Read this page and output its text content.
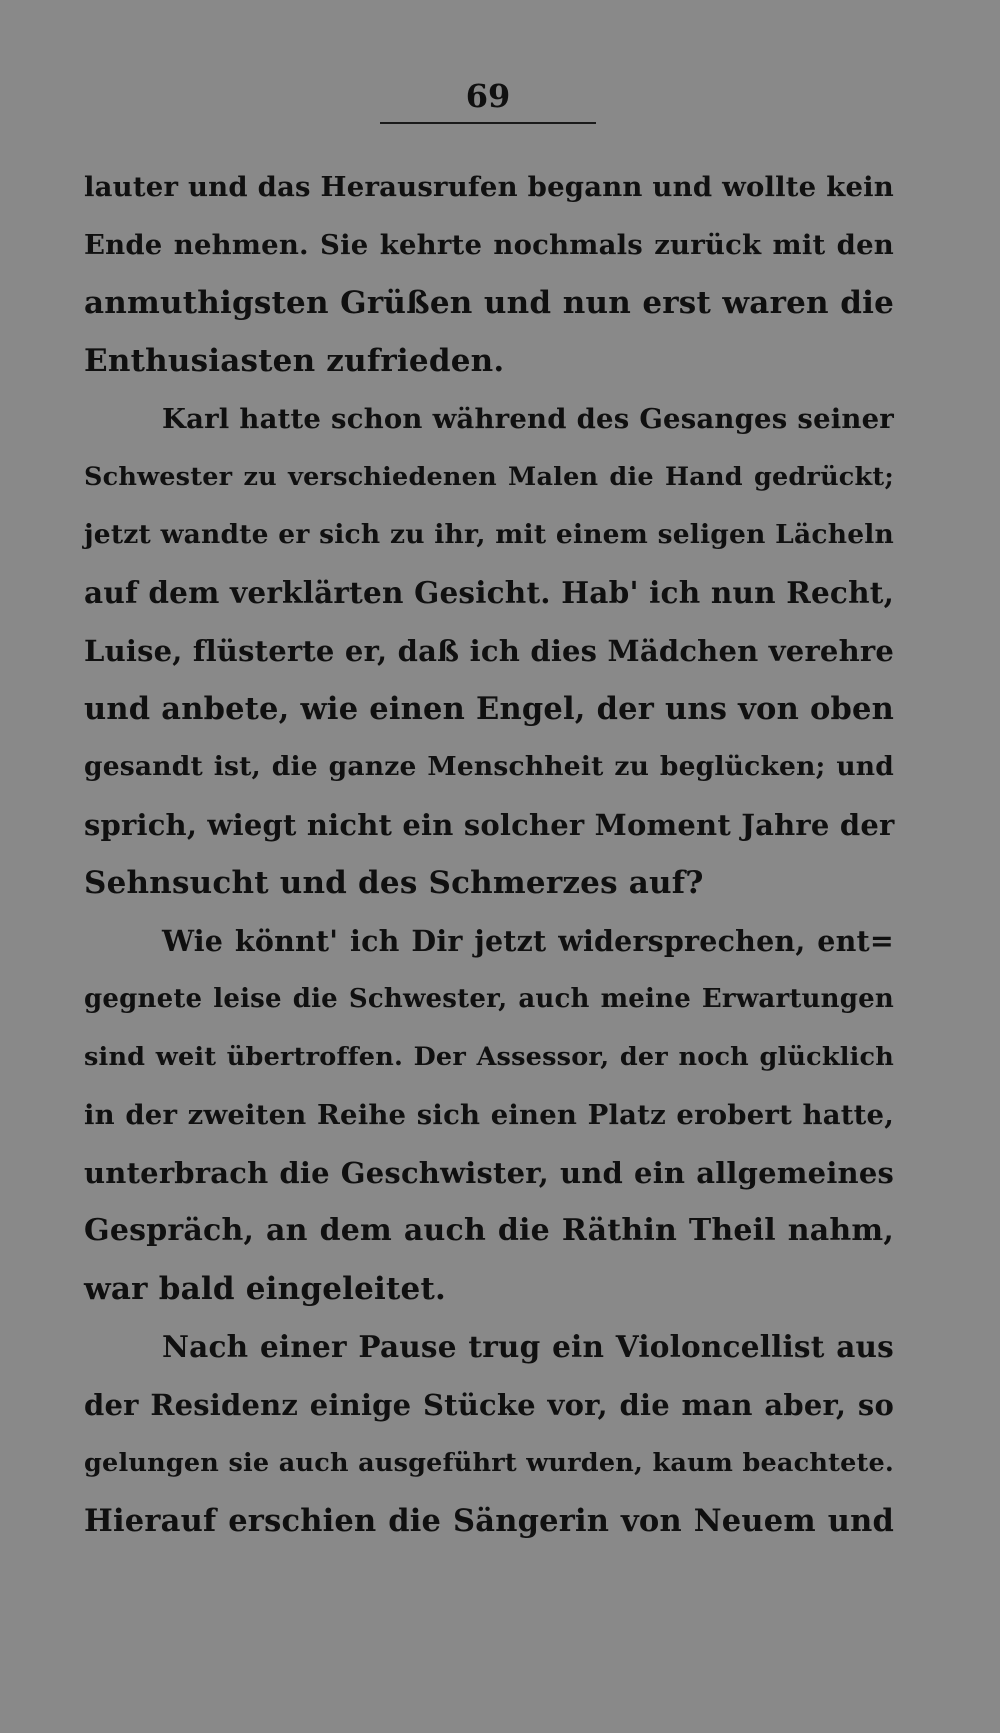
69
lauter und das Herausrufen begann und wollte kein
Ende nehmen. Sie kehrte nochmals zurück mit den
anmuthigsten Grüßen und nun erst waren die
Enthusiasten zufrieden.
Karl hatte schon während des Gesanges seiner
Schwester zu verschiedenen Malen die Hand gedrückt;
jetzt wandte er sich zu ihr, mit einem seligen Lächeln
auf dem verklärten Gesicht. Hab' ich nun Recht,
Luise, flüsterte er, daß ich dies Mädchen verehre
und anbete, wie einen Engel, der uns von oben
gesandt ist, die ganze Menschheit zu beglücken; und
sprich, wiegt nicht ein solcher Moment Jahre der
Sehnsucht und des Schmerzes auf?
Wie könnt' ich Dir jetzt widersprechen, ent=
gegnete leise die Schwester, auch meine Erwartungen
sind weit übertroffen. Der Assessor, der noch glücklich
in der zweiten Reihe sich einen Platz erobert hatte,
unterbrach die Geschwister, und ein allgemeines
Gespräch, an dem auch die Räthin Theil nahm,
war bald eingeleitet.
Nach einer Pause trug ein Violoncellist aus
der Residenz einige Stücke vor, die man aber, so
gelungen sie auch ausgeführt wurden, kaum beachtete.
Hierauf erschien die Sängerin von Neuem und
